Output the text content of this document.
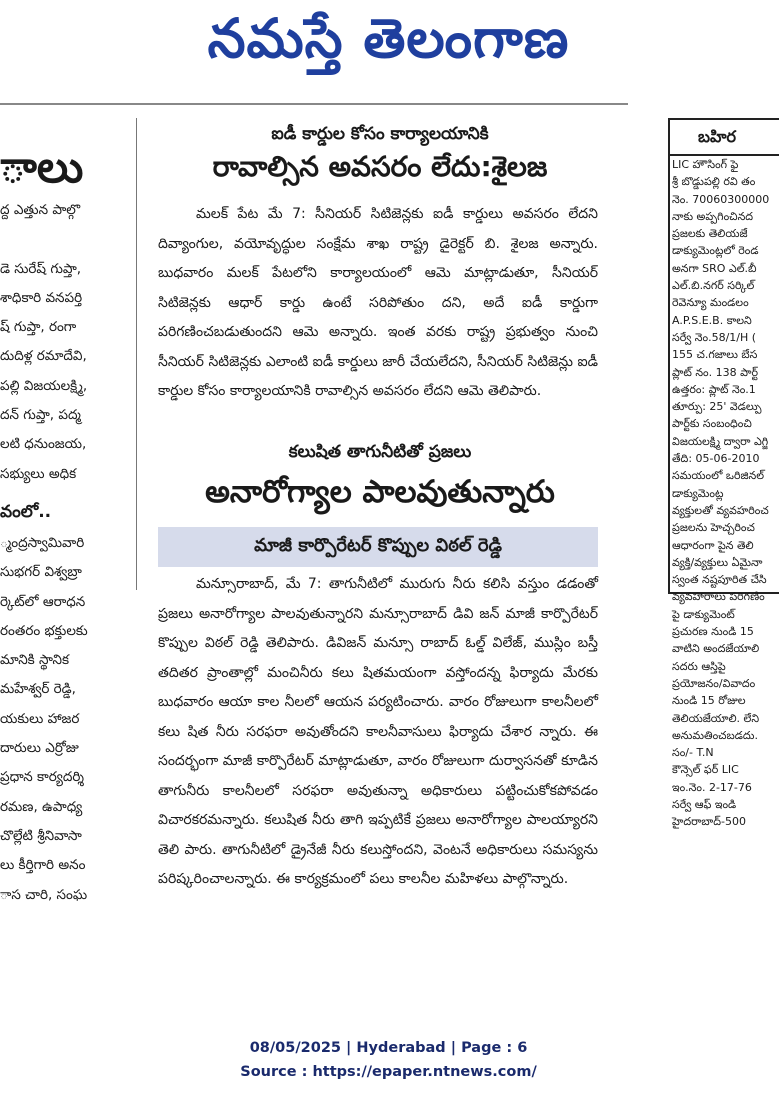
నమస్తే తెలంగాణ
ాలు
ద్ద ఎత్తున పాల్గొ

డె సురేష్ గుప్తా,
శాధికారి వనపర్తి
ష్ గుప్తా, రంగా
దుదిళ్ల రమాదేవి,
పల్లి విజయలక్ష్మి,
దన్ గుప్తా, పద్మ
లటి ధనుంజయ,
సభ్యులు అధిక
వంలో..
్మంద్రస్వామివారి
సుభగర్ విశ్వబ్రా
ర్కెట్‌లో ఆరాధన
రంతరం భక్తులకు
మానికి స్థానిక
మహేశ్వర్ రెడ్డి,
యకులు హాజర
దారులు ఎర్రోజు
ప్రధాన కార్యదర్శి
రమణ, ఉపాధ్య
చొల్లేటి శ్రీనివాసా
లు కీర్తిగారి అనం
ాస చారి, సంఘ
ఐడీ కార్డుల కోసం కార్యాలయానికి
రావాల్సిన అవసరం లేదు:శైలజ

మలక్ పేట మే 7: సీనియర్ సిటిజెన్లకు ఐడీ కార్డులు అవసరం లేదని దివ్యాంగుల, వయోవృద్ధుల సంక్షేమ శాఖ రాష్ట్ర డైరెక్టర్ బి. శైలజ అన్నారు. బుధవారం మలక్ పేటలోని కార్యాలయంలో ఆమె మాట్లాడుతూ, సీనియర్ సిటిజెన్లకు ఆధార్ కార్డు ఉంటే సరిపోతుం దని, అదే ఐడీ కార్డుగా పరిగణించబడుతుందని ఆమె అన్నారు. ఇంత వరకు రాష్ట్ర ప్రభుత్వం నుంచి సీనియర్ సిటిజెన్లకు ఎలాంటి ఐడీ కార్డులు జారీ చేయలేదని, సీనియర్ సిటిజెన్లు ఐడీ కార్డుల కోసం కార్యాలయానికి రావాల్సిన అవసరం లేదని ఆమె తెలిపారు.

కలుషిత తాగునీటితో ప్రజలు
అనారోగ్యాల పాలవుతున్నారు
మాజీ కార్పొరేటర్ కొప్పుల విఠల్ రెడ్డి

మన్సూరాబాద్, మే 7: తాగునీటిలో మురుగు నీరు కలిసి వస్తుం డడంతో ప్రజలు అనారోగ్యాల పాలవుతున్నారని మన్సూరాబాద్ డివి జన్ మాజీ కార్పొరేటర్ కొప్పుల విఠల్ రెడ్డి తెలిపారు. డివిజన్ మన్సూ రాబాద్ ఓల్డ్ విలేజ్, ముస్లిం బస్తీ తదితర ప్రాంతాల్లో మంచినీరు కలు షితమయంగా వస్తోందన్న ఫిర్యాదు మేరకు బుధవారం ఆయా కాల నీలలో ఆయన పర్యటించారు. వారం రోజులుగా కాలనీలలో కలు షిత నీరు సరఫరా అవుతోందని కాలనీవాసులు ఫిర్యాదు చేశార న్నారు. ఈ సందర్భంగా మాజీ కార్పొరేటర్ మాట్లాడుతూ, వారం రోజులుగా దుర్వాసనతో కూడిన తాగునీరు కాలనీలలో సరఫరా అవుతున్నా అధికారులు పట్టించుకోకపోవడం విచారకరమన్నారు. కలుషిత నీరు తాగి ఇప్పటికే ప్రజలు అనారోగ్యాల పాలయ్యారని తెలి పారు. తాగునీటిలో డ్రైనేజీ నీరు కలుస్తోందని, వెంటనే అధికారులు సమస్యను పరిష్కరించాలన్నారు. ఈ కార్యక్రమంలో పలు కాలనీల మహిళలు పాల్గొన్నారు.

బహిర
LIC హౌసింగ్ ఫై
శ్రీ బొడ్డుపల్లి రవి తం
నెం. 70060300000
నాకు అప్పగించినద
ప్రజలకు తెలియజే
డాక్యుమెంట్లలో రెండ
అనగా SRO ఎల్.బీ
ఎల్.బి.నగర్ సర్కిల్
రెవెన్యూ మండలం
A.P.S.E.B. కాలని
సర్వే నెం.58/1/H (
155 చ.గజాలు బేస
ప్లాట్ నం. 138 పార్ట్
ఉత్తరం: ప్లాట్ నెం.1
తూర్పు: 25' వెడల్పు
పార్ట్‌కు సంబంధించి
విజయలక్ష్మి ద్వారా ఎగ్జి
తేది: 05-06-2010
సమయంలో ఒరిజినల్
డాక్యుమెంట్ల
వ్యక్తులతో వ్యవహరించ
ప్రజలను హెచ్చరించ
ఆధారంగా పైన తెలి
వ్యక్తి/వ్యక్తులు ఏమైనా
స్వంత నష్టపూరిత చేసి
వ్యవహారాలు పరిగణిం
పై డాక్యుమెంట్
ప్రచురణ నుండి 15
వాటిని అందజేయాలి
సదరు ఆస్తిపై
ప్రయోజనం/వివాదం
నుండి 15 రోజుల
తెలియజేయాలి. లేని
అనుమతించబడదు.
సం/- T.N
కౌన్సెల్ ఫర్ LIC
ఇం.నెం. 2-17-76
సర్వే ఆఫ్ ఇండి
హైదరాబాద్-500
08/05/2025 | Hyderabad | Page : 6
Source : https://epaper.ntnews.com/
